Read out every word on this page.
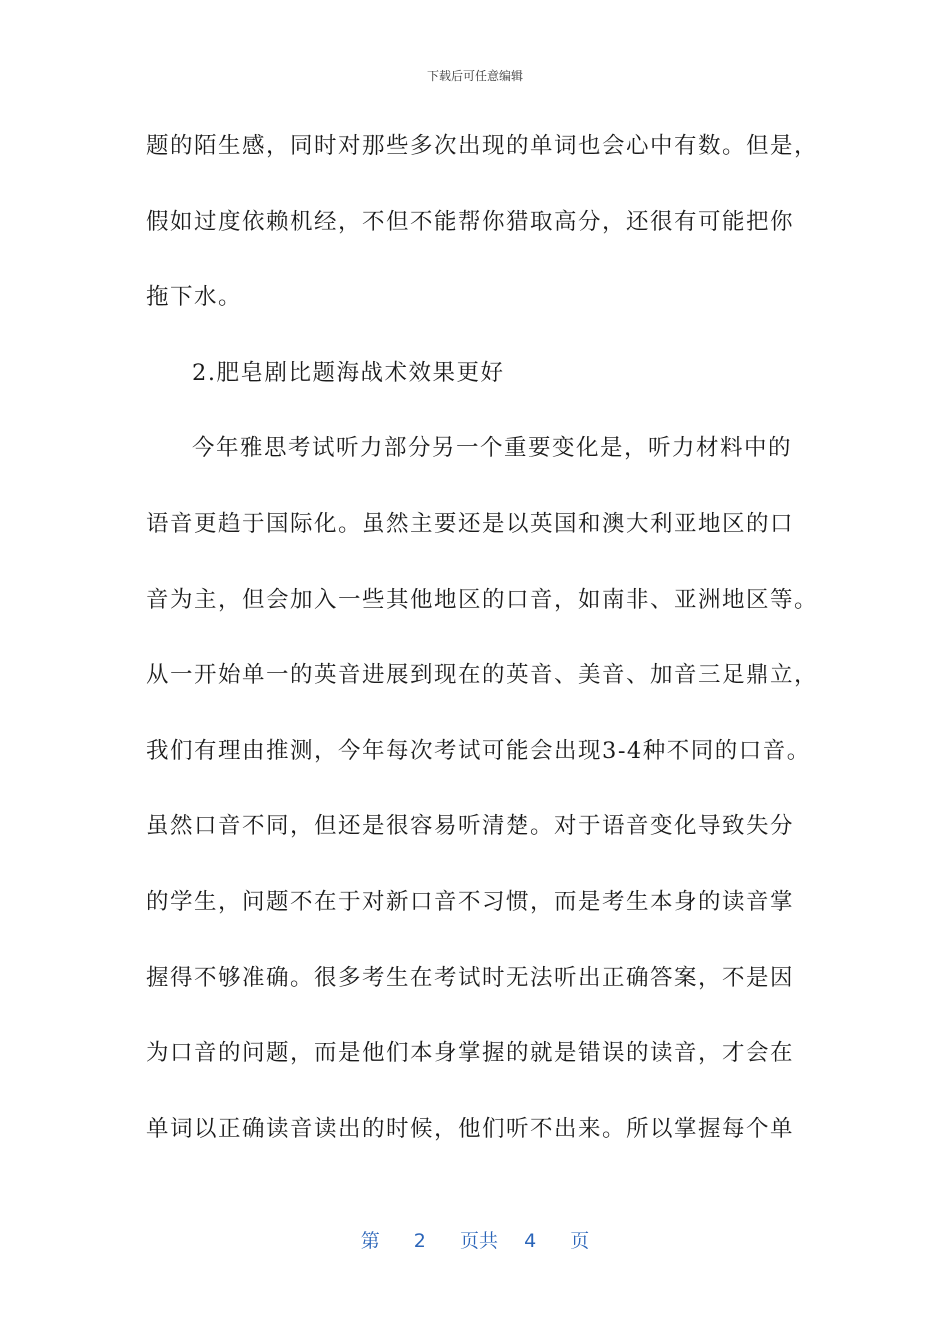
下载后可任意编辑
题的陌生感，同时对那些多次出现的单词也会心中有数。但是，
假如过度依赖机经，不但不能帮你猎取高分，还很有可能把你
拖下水。
2.肥皂剧比题海战术效果更好
今年雅思考试听力部分另一个重要变化是，听力材料中的
语音更趋于国际化。虽然主要还是以英国和澳大利亚地区的口
音为主，但会加入一些其他地区的口音，如南非、亚洲地区等。
从一开始单一的英音进展到现在的英音、美音、加音三足鼎立，
我们有理由推测，今年每次考试可能会出现3-4种不同的口音。
虽然口音不同，但还是很容易听清楚。对于语音变化导致失分
的学生，问题不在于对新口音不习惯，而是考生本身的读音掌
握得不够准确。很多考生在考试时无法听出正确答案，不是因
为口音的问题，而是他们本身掌握的就是错误的读音，才会在
单词以正确读音读出的时候，他们听不出来。所以掌握每个单
第 2 页共 4 页
